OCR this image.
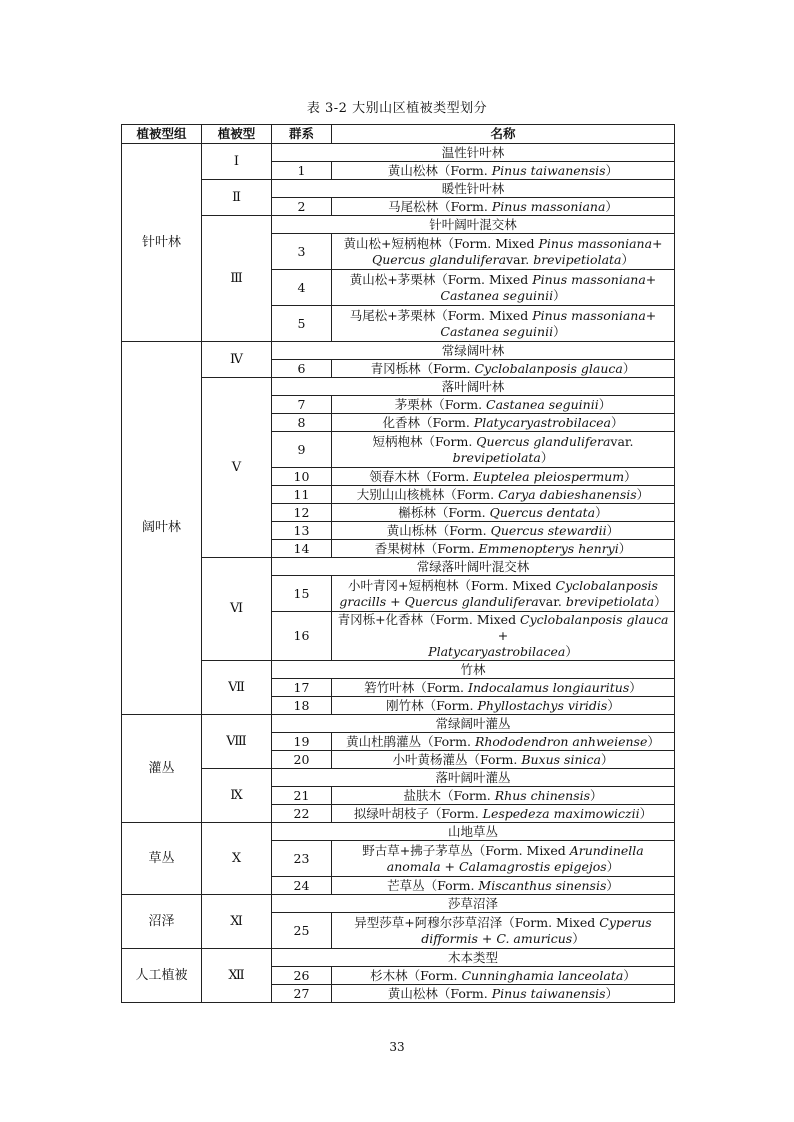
表 3-2 大别山区植被类型划分
植被型组	植被型	群系	名称
针叶林	Ⅰ	温性针叶林	
		1	黄山松林（Form. Pinus taiwanensis）

	Ⅱ	暖性针叶林	
		2	马尾松林（Form. Pinus massoniana）

	Ⅲ	针叶阔叶混交林	
		3	黄山松+短柄枹林（Form. Mixed Pinus massoniana+
Quercus glanduliferavar. brevipetiolata）

		4	黄山松+茅栗林（Form. Mixed Pinus massoniana+
Castanea seguinii）

		5	马尾松+茅栗林（Form. Mixed Pinus massoniana+
Castanea seguinii）

阔叶林	Ⅳ	常绿阔叶林	
		6	青冈栎林（Form. Cyclobalanposis glauca）

	Ⅴ	落叶阔叶林	
		7	茅栗林（Form. Castanea seguinii）

		8	化香林（Form. Platycaryastrobilacea）

		9	短柄枹林（Form. Quercus glanduliferavar.
brevipetiolata）

		10	领春木林（Form. Euptelea pleiospermum）

		11	大别山山核桃林（Form. Carya dabieshanensis）

		12	槲栎林（Form. Quercus dentata）

		13	黄山栎林（Form. Quercus stewardii）

		14	香果树林（Form. Emmenopterys henryi）

	Ⅵ	常绿落叶阔叶混交林	
		15	小叶青冈+短柄枹林（Form. Mixed Cyclobalanposis
gracills + Quercus glanduliferavar. brevipetiolata）

		16	青冈栎+化香林（Form. Mixed Cyclobalanposis glauca +
Platycaryastrobilacea）

	Ⅶ	竹林	
		17	箬竹叶林（Form. Indocalamus longiauritus）

		18	刚竹林（Form. Phyllostachys viridis）

灌丛	Ⅷ	常绿阔叶灌丛	
		19	黄山杜鹃灌丛（Form. Rhododendron anhweiense）

		20	小叶黄杨灌丛（Form. Buxus sinica）

	Ⅸ	落叶阔叶灌丛	
		21	盐肤木（Form. Rhus chinensis）

		22	拟绿叶胡枝子（Form. Lespedeza maximowiczii）

草丛	Ⅹ	山地草丛	
		23	野古草+拂子茅草丛（Form. Mixed Arundinella
anomala + Calamagrostis epigejos）

		24	芒草丛（Form. Miscanthus sinensis）

沼泽	Ⅺ	莎草沼泽	
		25	异型莎草+阿穆尔莎草沼泽（Form. Mixed Cyperus
difformis + C. amuricus）

人工植被	Ⅻ	木本类型	
		26	杉木林（Form. Cunninghamia lanceolata）

		27	黄山松林（Form. Pinus taiwanensis）
33
